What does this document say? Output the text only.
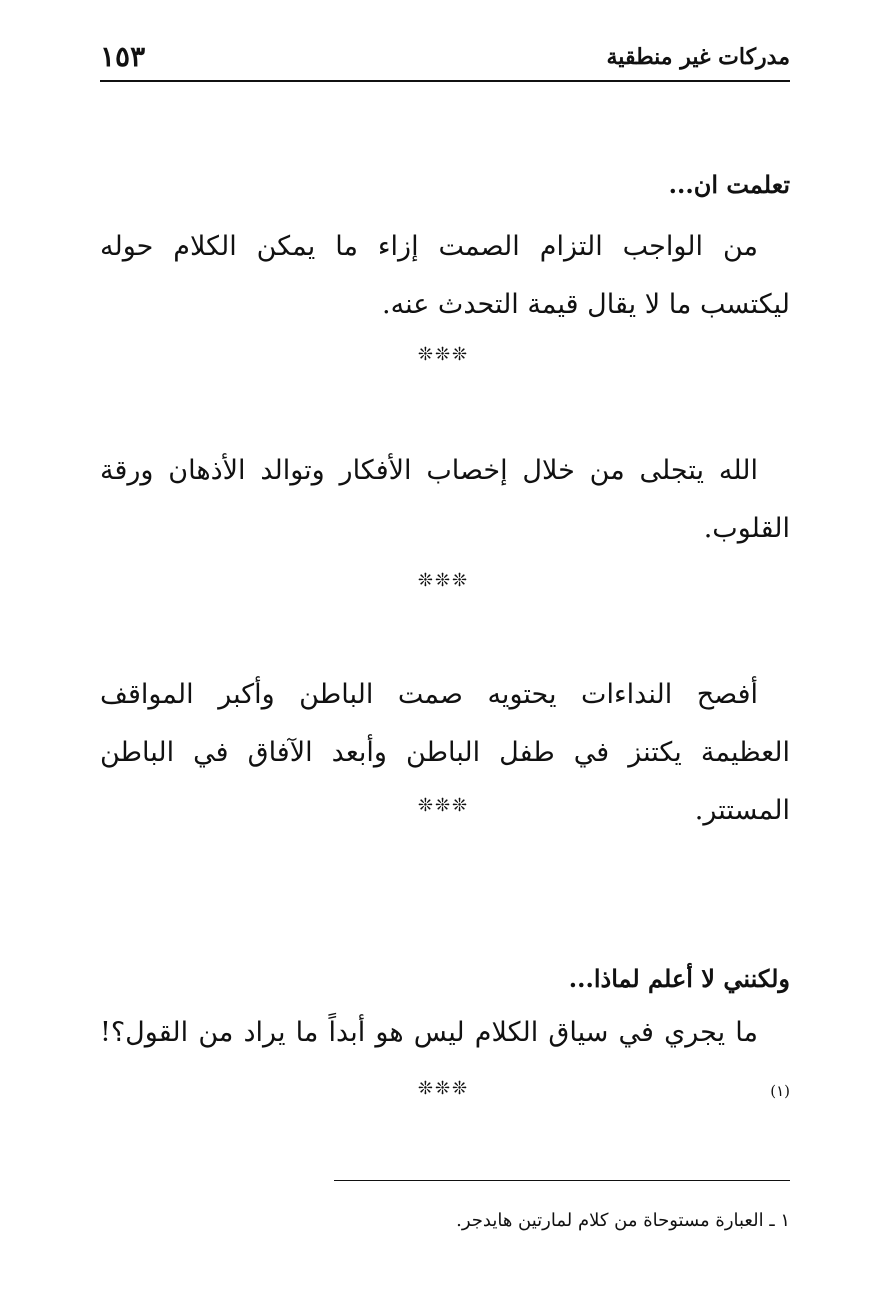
مدركات غير منطقية
١٥٣
تعلمت ان...
من الواجب التزام الصمت إزاء ما يمكن الكلام حوله ليكتسب ما لا يقال قيمة التحدث عنه.
❊❊❊
الله يتجلى من خلال إخصاب الأفكار وتوالد الأذهان ورقة القلوب.
❊❊❊
أفصح النداءات يحتويه صمت الباطن وأكبر المواقف العظيمة يكتنز في طفل الباطن وأبعد الآفاق في الباطن المستتر.
❊❊❊
ولكنني لا أعلم لماذا...
ما يجري في سياق الكلام ليس هو أبداً ما يراد من القول؟!$^{(١)}$
❊❊❊
١ ـ العبارة مستوحاة من كلام لمارتين هايدجر.
